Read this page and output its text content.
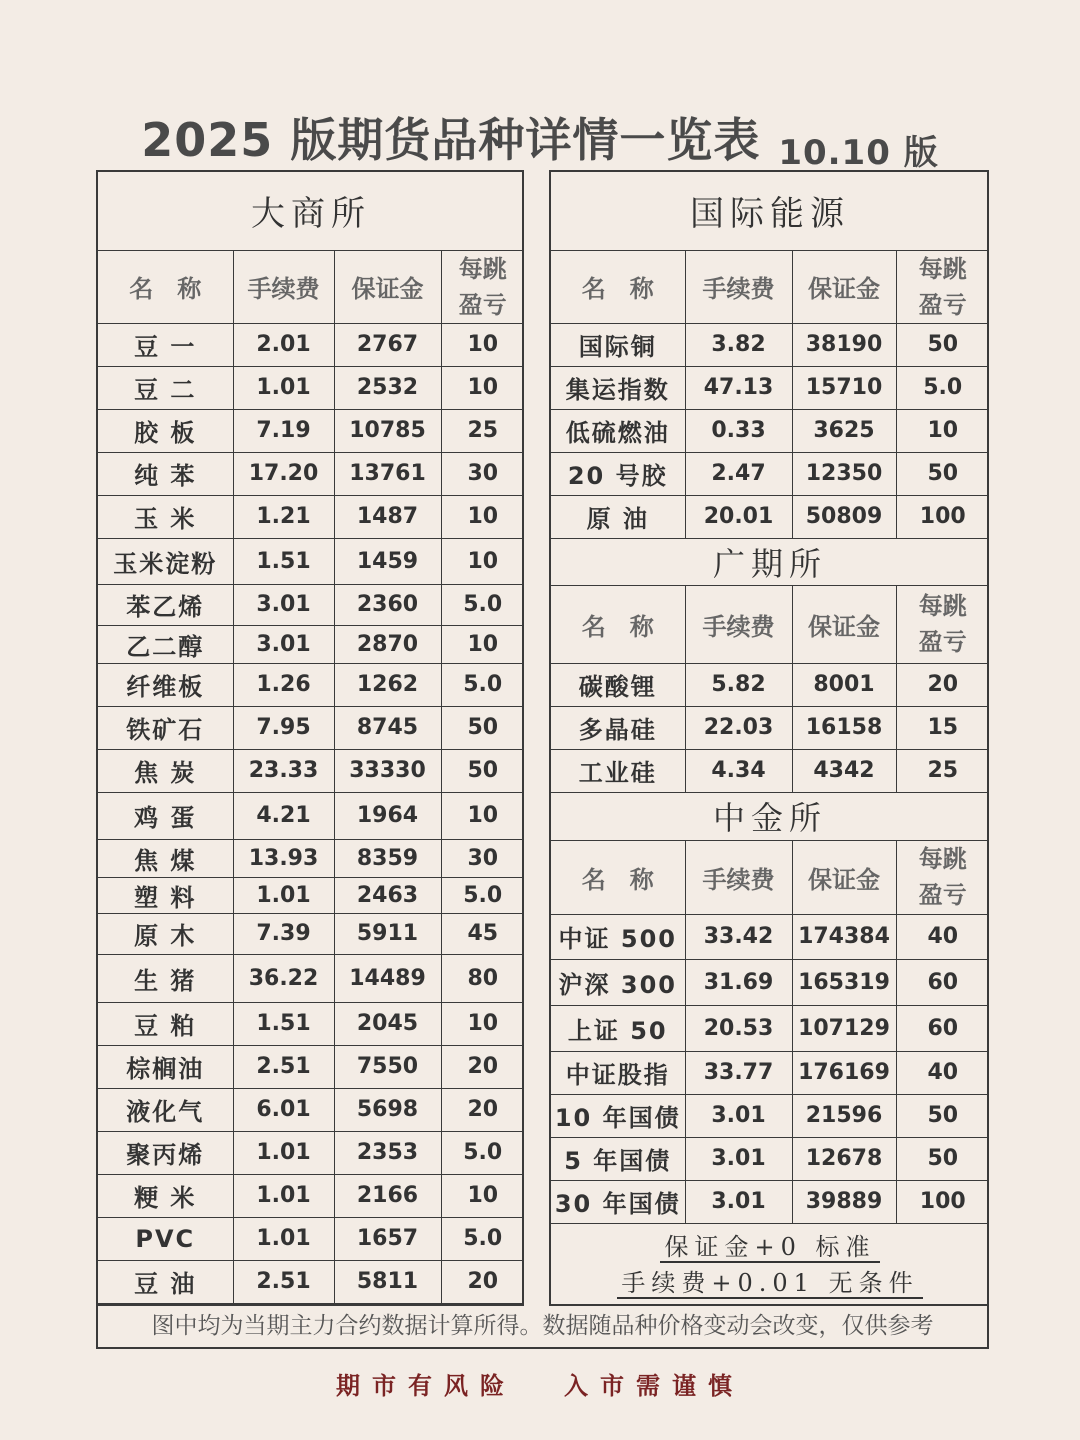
2025 版期货品种详情一览表 10.10 版
大商所			
名　称	手续费	保证金	每跳
盈亏

豆 一	2.01	2767	10
豆 二	1.01	2532	10
胶 板	7.19	10785	25
纯 苯	17.20	13761	30
玉 米	1.21	1487	10
玉米淀粉	1.51	1459	10
苯乙烯	3.01	2360	5.0
乙二醇	3.01	2870	10
纤维板	1.26	1262	5.0
铁矿石	7.95	8745	50
焦 炭	23.33	33330	50
鸡 蛋	4.21	1964	10
焦 煤	13.93	8359	30
塑 料	1.01	2463	5.0
原 木	7.39	5911	45
生 猪	36.22	14489	80
豆 粕	1.51	2045	10
棕榈油	2.51	7550	20
液化气	6.01	5698	20
聚丙烯	1.01	2353	5.0
粳 米	1.01	2166	10
PVC	1.01	1657	5.0
豆 油	2.51	5811	20
国际能源			
名　称	手续费	保证金	每跳
盈亏

国际铜	3.82	38190	50
集运指数	47.13	15710	5.0
低硫燃油	0.33	3625	10
20 号胶	2.47	12350	50
原 油	20.01	50809	100
广期所			
名　称	手续费	保证金	每跳
盈亏

碳酸锂	5.82	8001	20
多晶硅	22.03	16158	15
工业硅	4.34	4342	25
中金所			
名　称	手续费	保证金	每跳
盈亏

中证 500	33.42	174384	40
沪深 300	31.69	165319	60
上证 50	20.53	107129	60
中证股指	33.77	176169	40
10 年国债	3.01	21596	50
5 年国债	3.01	12678	50
30 年国债	3.01	39889	100

保证金+0 标准
手续费+0.01 无条件			
图中均为当期主力合约数据计算所得。数据随品种价格变动会改变，仅供参考
期市有风险 入市需谨慎
